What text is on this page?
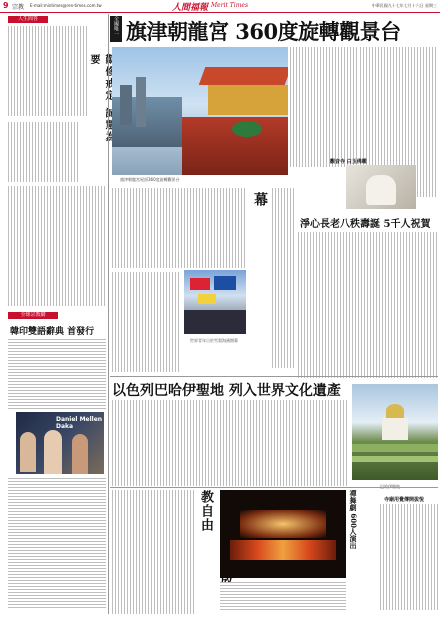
9 宗教 E-mail:mintimes@ren-times.com.tw	人間福報 Merit Times	中華民國九十七年七月十六日 星期三
人生問答
要
全球宗教網
韓印雙語辭典 首發行
Daniel Mellen Daka
全國唯一 旗津朝龍宮 360度旋轉觀景台
旗津朝龍宮屋頂360度旋轉觀景台
觀音寺 白玉佛雕
淨心長老八秩壽誕 5千人祝賀
幕
世界青年日於雪梨海濱開幕
以色列巴哈伊聖地 列入世界文化遺產
開放宗教自由	禪舞劇 600人演出	寺廟用覺傳開拔悅
